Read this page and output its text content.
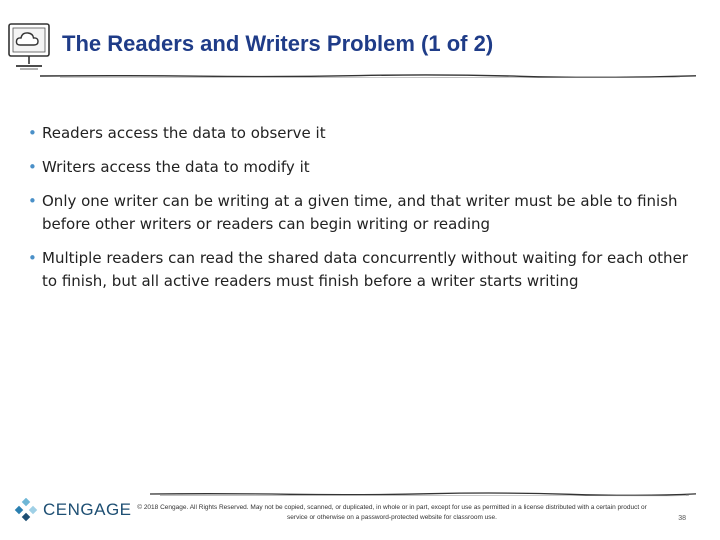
The Readers and Writers Problem (1 of 2)
• Readers access the data to observe it
• Writers access the data to modify it
• Only one writer can be writing at a given time, and that writer must be able to finish before other writers or readers can begin writing or reading
• Multiple readers can read the shared data concurrently without waiting for each other to finish, but all active readers must finish before a writer starts writing
CENGAGE © 2018 Cengage. All Rights Reserved. May not be copied, scanned, or duplicated, in whole or in part, except for use as permitted in a license distributed with a certain product or service or otherwise on a password-protected website for classroom use.	38
